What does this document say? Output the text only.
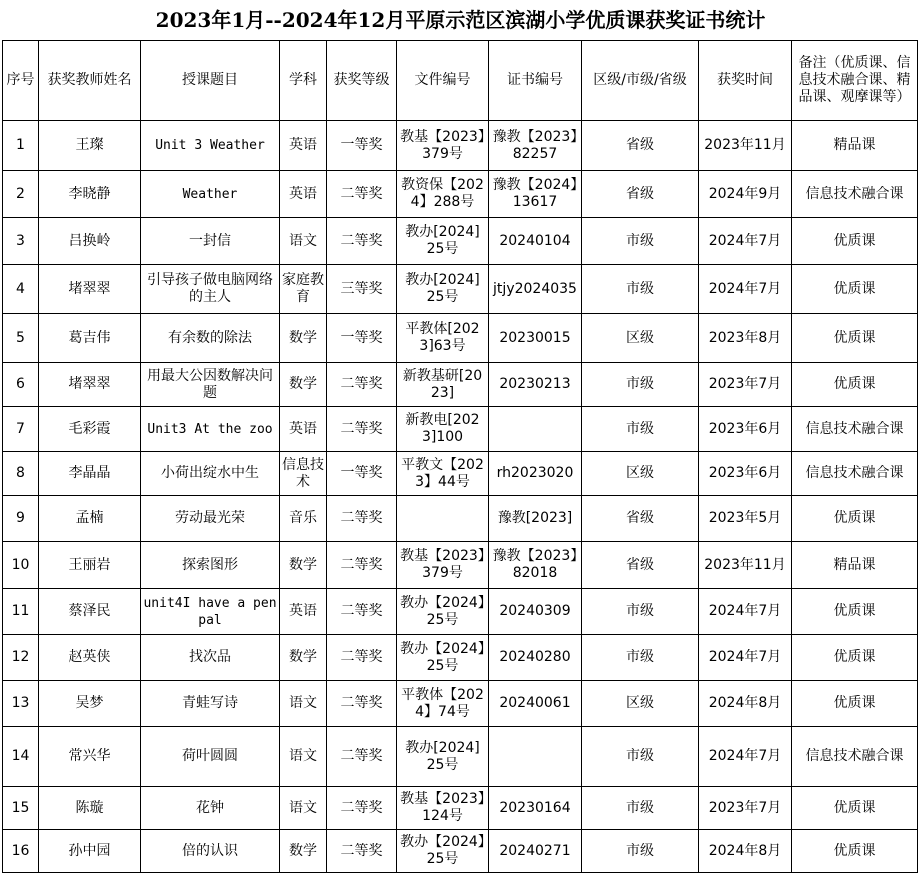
2023年1月--2024年12月平原示范区滨湖小学优质课获奖证书统计
序号	获奖教师姓名	授课题目	学科	获奖等级	文件编号	证书编号	区级/市级/省级	获奖时间	备注（优质课、信息技术融合课、精品课、观摩课等）

1	王璨	Unit 3 Weather	英语	一等奖	教基【2023】379号	豫教【2023】82257	省级	2023年11月	精品课

2	李晓静	Weather	英语	二等奖	教资保【2024】288号	豫教【2024】13617	省级	2024年9月	信息技术融合课

3	吕换岭	一封信	语文	二等奖	教办[2024] 25号	20240104	市级	2024年7月	优质课

4	堵翠翠	引导孩子做电脑网络的主人	家庭教育	三等奖	教办[2024] 25号	jtjy2024035	市级	2024年7月	优质课

5	葛吉伟	有余数的除法	数学	一等奖	平教体[2023]63号	20230015	区级	2023年8月	优质课

6	堵翠翠	用最大公因数解决问题	数学	二等奖	新教基研[2023]	20230213	市级	2023年7月	优质课

7	毛彩霞	Unit3 At the zoo	英语	二等奖	新教电[2023]100		市级	2023年6月	信息技术融合课

8	李晶晶	小荷出绽水中生	信息技术	一等奖	平教文【2023】44号	rh2023020	区级	2023年6月	信息技术融合课

9	孟楠	劳动最光荣	音乐	二等奖		豫教[2023]	省级	2023年5月	优质课

10	王丽岩	探索图形	数学	二等奖	教基【2023】379号	豫教【2023】82018	省级	2023年11月	精品课

11	蔡泽民	unit4I have a pen pal	英语	二等奖	教办【2024】25号	20240309	市级	2024年7月	优质课

12	赵英侠	找次品	数学	二等奖	教办【2024】25号	20240280	市级	2024年7月	优质课

13	吴梦	青蛙写诗	语文	二等奖	平教体【2024】74号	20240061	区级	2024年8月	优质课

14	常兴华	荷叶圆圆	语文	二等奖	教办[2024] 25号		市级	2024年7月	信息技术融合课

15	陈璇	花钟	语文	二等奖	教基【2023】124号	20230164	市级	2023年7月	优质课

16	孙中园	倍的认识	数学	二等奖	教办【2024】25号	20240271	市级	2024年8月	优质课
